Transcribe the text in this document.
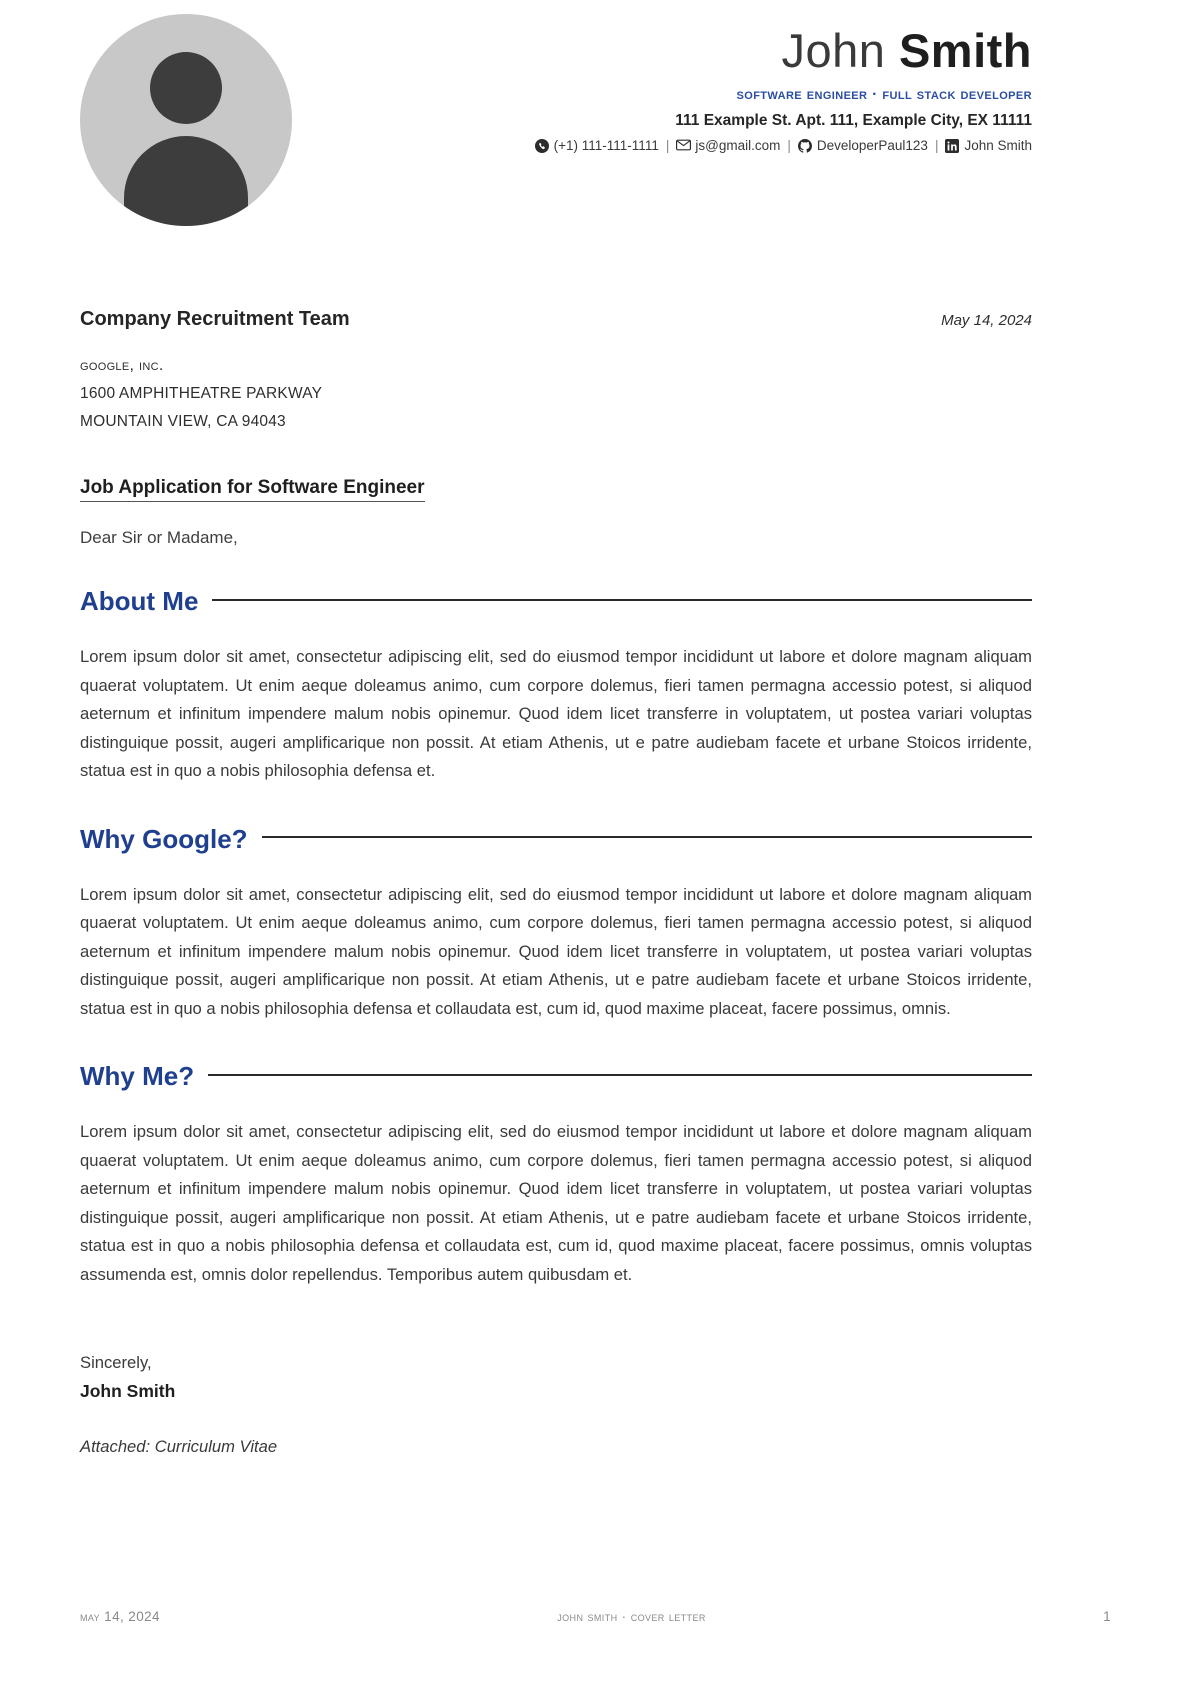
John Smith
software engineer · full stack developer
111 Example St. Apt. 111, Example City, EX 11111
(+1) 111-111-1111 | js@gmail.com | DeveloperPaul123 | John Smith
Company Recruitment Team	May 14, 2024
google, inc.
1600 AMPHITHEATRE PARKWAY
MOUNTAIN VIEW, CA 94043
Job Application for Software Engineer
Dear Sir or Madame,
About Me
Lorem ipsum dolor sit amet, consectetur adipiscing elit, sed do eiusmod tempor incididunt ut labore et dolore magnam aliquam quaerat voluptatem. Ut enim aeque doleamus animo, cum corpore dolemus, fieri tamen permagna accessio potest, si aliquod aeternum et infinitum impendere malum nobis opinemur. Quod idem licet transferre in voluptatem, ut postea variari voluptas distinguique possit, augeri amplificarique non possit. At etiam Athenis, ut e patre audiebam facete et urbane Stoicos irridente, statua est in quo a nobis philosophia defensa et.
Why Google?
Lorem ipsum dolor sit amet, consectetur adipiscing elit, sed do eiusmod tempor incididunt ut labore et dolore magnam aliquam quaerat voluptatem. Ut enim aeque doleamus animo, cum corpore dolemus, fieri tamen permagna accessio potest, si aliquod aeternum et infinitum impendere malum nobis opinemur. Quod idem licet transferre in voluptatem, ut postea variari voluptas distinguique possit, augeri amplificarique non possit. At etiam Athenis, ut e patre audiebam facete et urbane Stoicos irridente, statua est in quo a nobis philosophia defensa et collaudata est, cum id, quod maxime placeat, facere possimus, omnis.
Why Me?
Lorem ipsum dolor sit amet, consectetur adipiscing elit, sed do eiusmod tempor incididunt ut labore et dolore magnam aliquam quaerat voluptatem. Ut enim aeque doleamus animo, cum corpore dolemus, fieri tamen permagna accessio potest, si aliquod aeternum et infinitum impendere malum nobis opinemur. Quod idem licet transferre in voluptatem, ut postea variari voluptas distinguique possit, augeri amplificarique non possit. At etiam Athenis, ut e patre audiebam facete et urbane Stoicos irridente, statua est in quo a nobis philosophia defensa et collaudata est, cum id, quod maxime placeat, facere possimus, omnis voluptas assumenda est, omnis dolor repellendus. Temporibus autem quibusdam et.
Sincerely,
John Smith
Attached: Curriculum Vitae
may 14, 2024	john smith · cover letter	1
